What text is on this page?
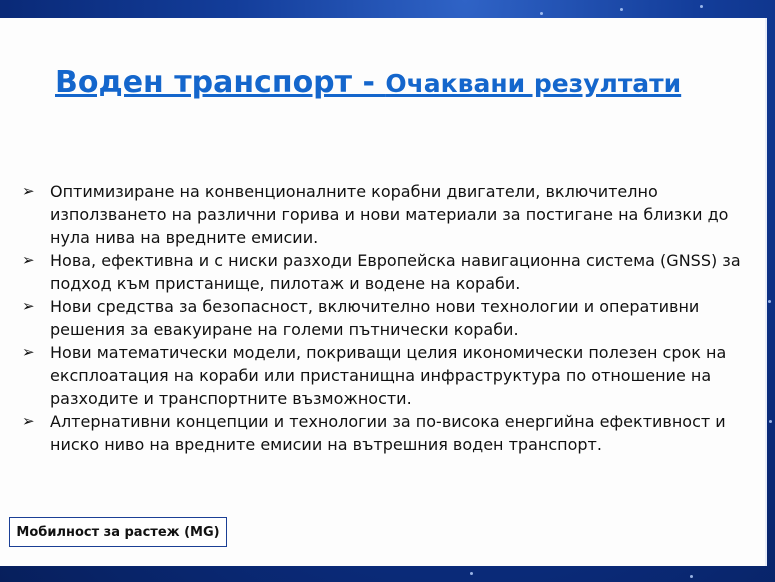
Воден транспорт - Очаквани резултати
➢ Оптимизиране на конвенционалните корабни двигатели, включително използването на различни горива и нови материали за постигане на близки до нула нива на вредните емисии.
➢ Нова, ефективна и с ниски разходи Европейска навигационна система (GNSS) за подход към пристанище, пилотаж и водене на кораби.
➢ Нови средства за безопасност, включително нови технологии и оперативни решения за евакуиране на големи пътнически кораби.
➢ Нови математически модели, покриващи целия икономически полезен срок на експлоатация на кораби или пристанищна инфраструктура по отношение на разходите и транспортните възможности.
➢ Алтернативни концепции и технологии за по-висока енергийна ефективност и ниско ниво на вредните емисии на вътрешния воден транспорт.
Мобилност за растеж (MG)
